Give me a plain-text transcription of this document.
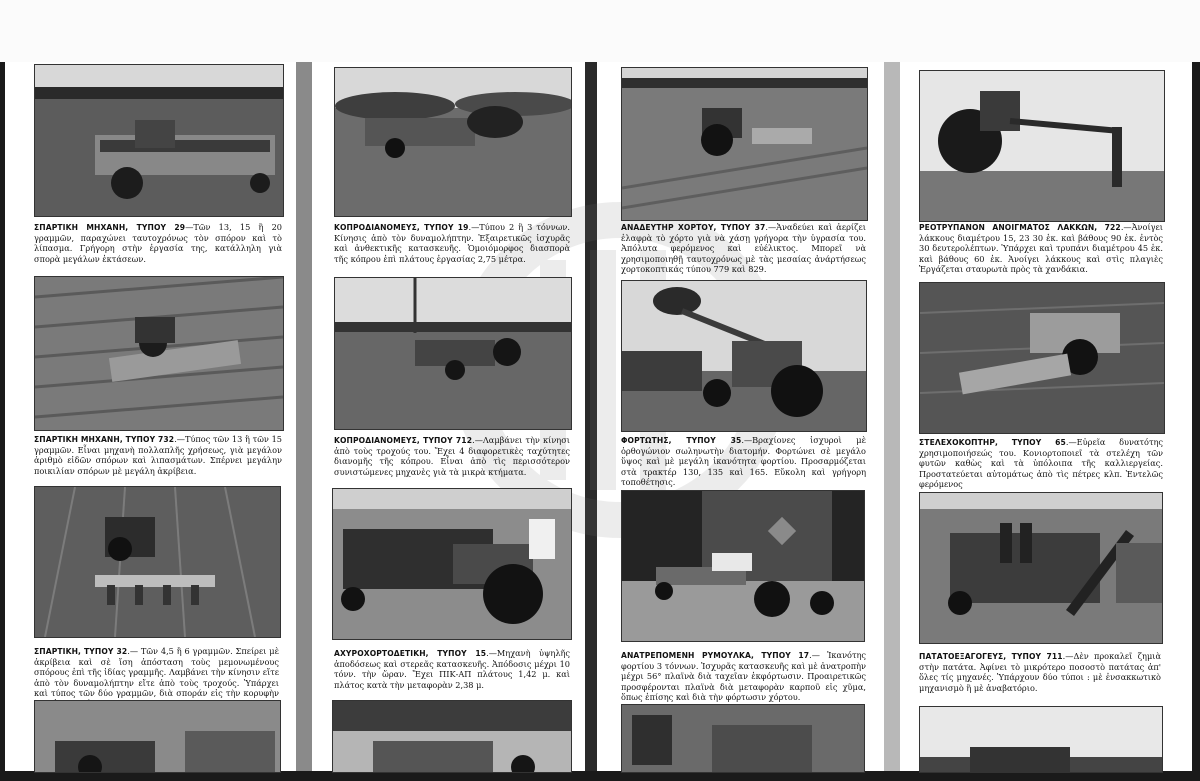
ΣΠΑΡΤΙΚΗ ΜΗΧΑΝΗ, ΤΥΠΟΥ 29—Τῶν 13, 15 ἢ 20 γραμμῶν, παραχώνει ταυτοχρόνως τὸν σπόρον καὶ τὸ λίπασμα. Γρήγορη στὴν ἐργασία της, κατάλληλη γιὰ σπορὰ μεγάλων ἐκτάσεων.
ΣΠΑΡΤΙΚΗ ΜΗΧΑΝΗ, ΤΥΠΟΥ 732.—Τύπος τῶν 13 ἢ τῶν 15 γραμμῶν. Εἶναι μηχανὴ πολλαπλῆς χρήσεως, γιὰ μεγάλον ἀριθμὸ εἰδῶν σπόρων καὶ λιπασμάτων. Σπέρνει μεγάλην ποικιλίαν σπόρων μὲ μεγάλη ἀκρίβεια.
ΣΠΑΡΤΙΚΗ, ΤΥΠΟΥ 32.— Τῶν 4,5 ἢ 6 γραμμῶν. Σπείρει μὲ ἀκρίβεια καὶ σὲ ἴση ἀπόσταση τοὺς μεμονωμένους σπόρους ἐπὶ τῆς ἰδίας γραμμῆς. Λαμβάνει τὴν κίνησιν εἴτε ἀπὸ τὸν δυναμολήπτην εἴτε ἀπὸ τοὺς τροχούς. Ὑπάρχει καὶ τύπος τῶν δύο γραμμῶν, διὰ σποράν εἰς τὴν κορυφὴν
ΚΟΠΡΟΔΙΑΝΟΜΕΥΣ, ΤΥΠΟΥ 19.—Τύπου 2 ἢ 3 τόννων. Κίνησις ἀπὸ τὸν δυναμολήπτην. Ἐξαιρετικῶς ἰσχυρᾶς καὶ ἀνθεκτικῆς κατασκευῆς. Ὁμοιόμορφος διασπορὰ τῆς κόπρου ἐπὶ πλάτους ἐργασίας 2,75 μέτρα.
ΚΟΠΡΟΔΙΑΝΟΜΕΥΣ, ΤΥΠΟΥ 712.—Λαμβάνει τὴν κίνησι ἀπὸ τοὺς τροχούς του. Ἔχει 4 διαφορετικὲς ταχύτητες διανομῆς τῆς κόπρου. Εἶναι ἀπὸ τὶς περισσότερον συνιστώμενες μηχανὲς γιὰ τὰ μικρὰ κτήματα.
ΑΧΥΡΟΧΟΡΤΟΔΕΤΙΚΗ, ΤΥΠΟΥ 15.—Μηχανὴ ὑψηλῆς ἀποδόσεως καὶ στερεᾶς κατασκευῆς. Ἀπόδοσις μέχρι 10 τόνν. τὴν ὥραν. Ἔχει ΠΙΚ-ΑΠ πλάτους 1,42 μ. καὶ πλάτος κατὰ τὴν μεταφορὰν 2,38 μ.
ΑΝΑΔΕΥΤΗΡ ΧΟΡΤΟΥ, ΤΥΠΟΥ 37.—Ἀναδεύει καὶ ἀερίζει ἐλαφρὰ τὸ χόρτο γιὰ νὰ χάσῃ γρήγορα τὴν ὑγρασία του. Ἀπόλυτα φερόμενος καὶ εὐέλικτος. Μπορεῖ νὰ χρησιμοποιηθῇ ταυτοχρόνως μὲ τὰς μεσαίας ἀνάρτήσεως χορτοκοπτικάς τύπου 779 καὶ 829.
ΦΟΡΤΩΤΗΣ, ΤΥΠΟΥ 35.—Βραχίονες ἰσχυροὶ μὲ ὀρθογώνιον σωληνωτὴν διατομήν. Φορτώνει σὲ μεγάλο ὕψος καὶ μὲ μεγάλη ἱκανότητα φορτίου. Προσαρμόζεται στὰ τρακτέρ 130, 135 καὶ 165. Εὔκολη καὶ γρήγορη τοποθέτησις.
ΑΝΑΤΡΕΠΟΜΕΝΗ ΡΥΜΟΥΛΚΑ, ΤΥΠΟΥ 17.— Ἱκανότης φορτίου 3 τόννων. Ἰσχυρᾶς κατασκευῆς καὶ μὲ ἀνατροπὴν μέχρι 56° πλαϊνὰ διὰ ταχεῖαν ἐκφόρτωσιν. Προαιρετικῶς προσφέρονται πλαϊνὰ διὰ μεταφορὰν καρποῦ εἰς χῦμα, ὅπως ἐπίσης καὶ διὰ τὴν φόρτωσιν χόρτου.
ΡΕΟΤΡΥΠΑΝΟΝ ΑΝΟΙΓΜΑΤΟΣ ΛΑΚΚΩΝ, 722.—Ἀνοίγει λάκκους διαμέτρου 15, 23 30 ἑκ. καὶ βάθους 90 ἑκ. ἐντὸς 30 δευτερολέπτων. Ὑπάρχει καὶ τρυπάνι διαμέτρου 45 ἑκ. καὶ βάθους 60 ἑκ. Ἀνοίγει λάκκους καὶ στὶς πλαγιὲς Ἐργάζεται σταυρωτὰ πρὸς τὰ χανδάκια.
ΣΤΕΛΕΧΟΚΟΠΤΗΡ, ΤΥΠΟΥ 65.—Εὐρεῖα δυνατότης χρησιμοποιήσεώς του. Κονιορτοποιεῖ τὰ στελέχη τῶν φυτῶν καθὼς καὶ τὰ ὑπόλοιπα τῆς καλλιεργείας. Προστατεύεται αὐτομάτως ἀπὸ τὶς πέτρες κλπ. Ἐντελῶς φερόμενος
ΠΑΤΑΤΟΕΞΑΓΟΓΕΥΣ, ΤΥΠΟΥ 711.—Δὲν προκαλεῖ ζημιὰ στὴν πατάτα. Ἀφίνει τὸ μικρότερο ποσοστὸ πατάτας ἀπ' ὅλες τίς μηχανές. Ὑπάρχουν δύο τύποι : μὲ ἐνσακκωτικὸ μηχανισμὸ ἢ μὲ ἀναβατόριο.
